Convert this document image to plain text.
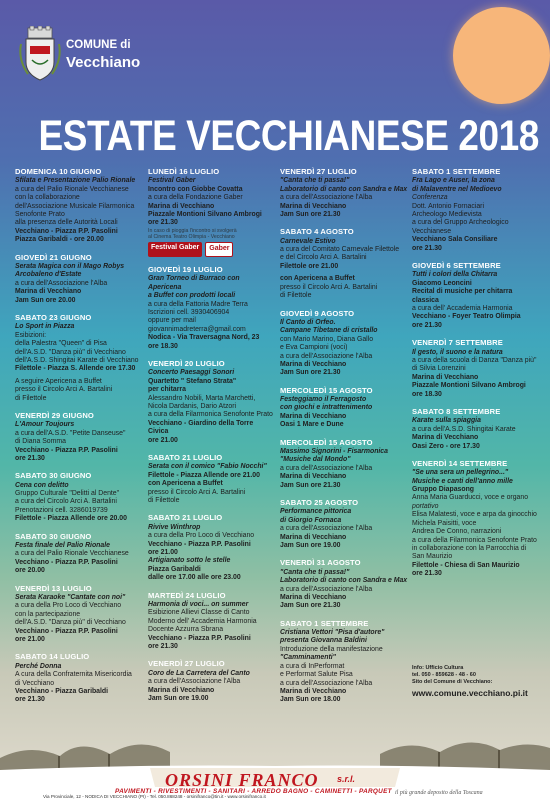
COMUNE di
Vecchiano
ESTATE VECCHIANESE 2018
DOMENICA 10 GIUGNO
Sfilata e Presentazione Palio Rionale
a cura del Palio Rionale Vecchianese
con la collaborazione
dell'Associazione Musicale Filarmonica
Senofonte Prato
alla presenza delle Autorità Locali
Vecchiano - Piazza P.P. Pasolini
Piazza Garibaldi - ore 20.00
GIOVEDÌ 21 GIUGNO
Serata Magica con il Mago Robys
Arcobaleno d'Estate
a cura dell'Associazione l'Alba
Marina di Vecchiano
Jam Sun ore 20.00
SABATO 23 GIUGNO
Lo Sport in Piazza
Esibizioni:
della Palestra "Queen" di Pisa
dell'A.S.D. "Danza più" di Vecchiano
dell'A.S.D. Shingitai Karate di Vecchiano
Filettole - Piazza S. Allende ore 17.30
A seguire Apericena a Buffet
presso il Circolo Arci A. Bartalini
di Filettole
VENERDÌ 29 GIUGNO
L'Amour Toujours
a cura dell'A.S.D. "Petite Danseuse"
di Diana Somma
Vecchiano - Piazza P.P. Pasolini
ore 21.30
SABATO 30 GIUGNO
Cena con delitto
Gruppo Culturale "Delitti al Dente"
a cura del Circolo Arci A. Bartalini
Prenotazioni cell. 3286019739
Filettole - Piazza Allende ore 20.00
SABATO 30 GIUGNO
Festa finale del Palio Rionale
a cura del Palio Rionale Vecchianese
Vecchiano - Piazza P.P. Pasolini
ore 20.00
VENERDÌ 13 LUGLIO
Serata Karaoke "Cantate con noi"
a cura della Pro Loco di Vecchiano
con la partecipazione
dell'A.S.D. "Danza più" di Vecchiano
Vecchiano - Piazza P.P. Pasolini
ore 21.00
SABATO 14 LUGLIO
Perché Donna
A cura della Confraternita Misericordia
di Vecchiano
Vecchiano - Piazza Garibaldi
ore 21.30
LUNEDÌ 16 LUGLIO
Festival Gaber
Incontro con Giobbe Covatta
a cura della Fondazione Gaber
Marina di Vecchiano
Piazzale Montioni Silvano Ambrogi
ore 21.30
In caso di pioggia l'incontro si svolgerà
al Cinema Teatro Olimpia - Vecchiano
Festival Gaber	Gaber
GIOVEDÌ 19 LUGLIO
Gran Torneo di Burraco con Apericena
a Buffet con prodotti locali
a cura della Fattoria Madre Terra
Iscrizioni cell. 3930406904
oppure per mail
giovannimadreterra@gmail.com
Nodica - Via Traversagna Nord, 23
ore 18.30
VENERDÌ 20 LUGLIO
Concerto Paesaggi Sonori
Quartetto " Stefano Strata"
per chitarra
Alessandro Nobili, Marta Marchetti,
Nicola Dardanis, Dario Atzori
a cura della Filarmonica Senofonte Prato
Vecchiano - Giardino della Torre Civica
ore 21.00
SABATO 21 LUGLIO
Serata con il comico "Fabio Nocchi"
Filettole - Piazza Allende ore 21.00
con Apericena a Buffet
presso il Circolo Arci A. Bartalini
di Filettole
SABATO 21 LUGLIO
Rivive Winthrop
a cura della Pro Loco di Vecchiano
Vecchiano - Piazza P.P. Pasolini
ore 21.00
Artigianato sotto le stelle
Piazza Garibaldi
dalle ore 17.00 alle ore 23.00
MARTEDÌ 24 LUGLIO
Harmonia di voci... on summer
Esibizione Allievi Classe di Canto
Moderno dell' Accademia Harmonia
Docente Azzurra Sbrana
Vecchiano - Piazza P.P. Pasolini
ore 21.30
VENERDÌ 27 LUGLIO
Coro de La Carretera del Canto
a cura dell'Associazione l'Alba
Marina di Vecchiano
Jam Sun ore 19.00
VENERDÌ 27 LUGLIO
"Canta che ti passa!"
Laboratorio di canto con Sandra e Max
a cura dell'Associazione l'Alba
Marina di Vecchiano
Jam Sun ore 21.30
SABATO 4 AGOSTO
Carnevale Estivo
a cura del Comitato Carnevale Filettole
e del Circolo Arci A. Bartalini
Filettole ore 21.00
con Apericena a Buffet
presso il Circolo Arci A. Bartalini
di Filettole
GIOVEDÌ 9 AGOSTO
Il Canto di Orfeo.
Campane Tibetane di cristallo
con Mario Marino, Diana Gallo
e Eva Campioni (voci)
a cura dell'Associazione l'Alba
Marina di Vecchiano
Jam Sun ore 21.30
MERCOLEDÌ 15 AGOSTO
Festeggiamo il Ferragosto
con giochi e intrattenimento
Marina di Vecchiano
Oasi 1 Mare e Dune
MERCOLEDÌ 15 AGOSTO
Massimo Signorini - Fisarmonica
"Musiche dal Mondo"
a cura dell'Associazione l'Alba
Marina di Vecchiano
Jam Sun ore 21.30
SABATO 25 AGOSTO
Performance pittorica
di Giorgio Fornaca
a cura dell'Associazione l'Alba
Marina di Vecchiano
Jam Sun ore 19.00
VENERDÌ 31 AGOSTO
"Canta che ti passa!"
Laboratorio di canto con Sandra e Max
a cura dell'Associazione l'Alba
Marina di Vecchiano
Jam Sun ore 21.30
SABATO 1 SETTEMBRE
Cristiana Vettori "Pisa d'autore"
presenta Giovanna Baldini
Introduzione della manifestazione
"Camminamenti"
a cura di InPerformat
e Performat Salute Pisa
a cura dell'Associazione l'Alba
Marina di Vecchiano
Jam Sun ore 18.00
SABATO 1 SETTEMBRE
Fra Lago e Auser, la zona
di Malaventre nel Medioevo
Conferenza
Dott. Antonio Fornaciari
Archeologo Medievista
a cura del Gruppo Archeologico
Vecchianese
Vecchiano Sala Consiliare
ore 21.30
GIOVEDÌ 6 SETTEMBRE
Tutti i colori della Chitarra
Giacomo Leoncini
Recital di musiche per chitarra
classica
a cura dell' Accademia Harmonia
Vecchiano - Foyer Teatro Olimpia
ore 21.30
VENERDÌ 7 SETTEMBRE
Il gesto, il suono e la natura
a cura della scuola di Danza "Danza più"
di Silvia Lorenzini
Marina di Vecchiano
Piazzale Montioni Silvano Ambrogi
ore 18.30
SABATO 8 SETTEMBRE
Karate sulla spiaggia
a cura dell'A.S.D. Shingitai Karate
Marina di Vecchiano
Oasi Zero - ore 17.30
VENERDÌ 14 SETTEMBRE
"Se una sera un pellegrino..."
Musiche e canti dell'anno mille
Gruppo Diapasong
Anna Maria Guarducci, voce e organo
portativo
Elisa Malatesti, voce e arpa da ginocchio
Michela Paisitti, voce
Andrea De Conno, narrazioni
a cura della Filarmonica Senofonte Prato
in collaborazione con la Parrocchia di
San Maurizio
Filettole - Chiesa di San Maurizio
ore 21.30
Info: Ufficio Cultura
tel. 050 - 859628 - 48 - 60
Sito del Comune di Vecchiano:
www.comune.vecchiano.pi.it
ORSINI FRANCO s.r.l.
PAVIMENTI - RIVESTIMENTI - SANITARI - ARREDO BAGNO - CAMINETTI - PARQUET
Via Provinciale, 12 - NODICA DI VECCHIANO (PI) - Tel. 050.868248 - orsinifranco@tin.it - www.orsinifranco.it
il più grande deposito della Toscana
